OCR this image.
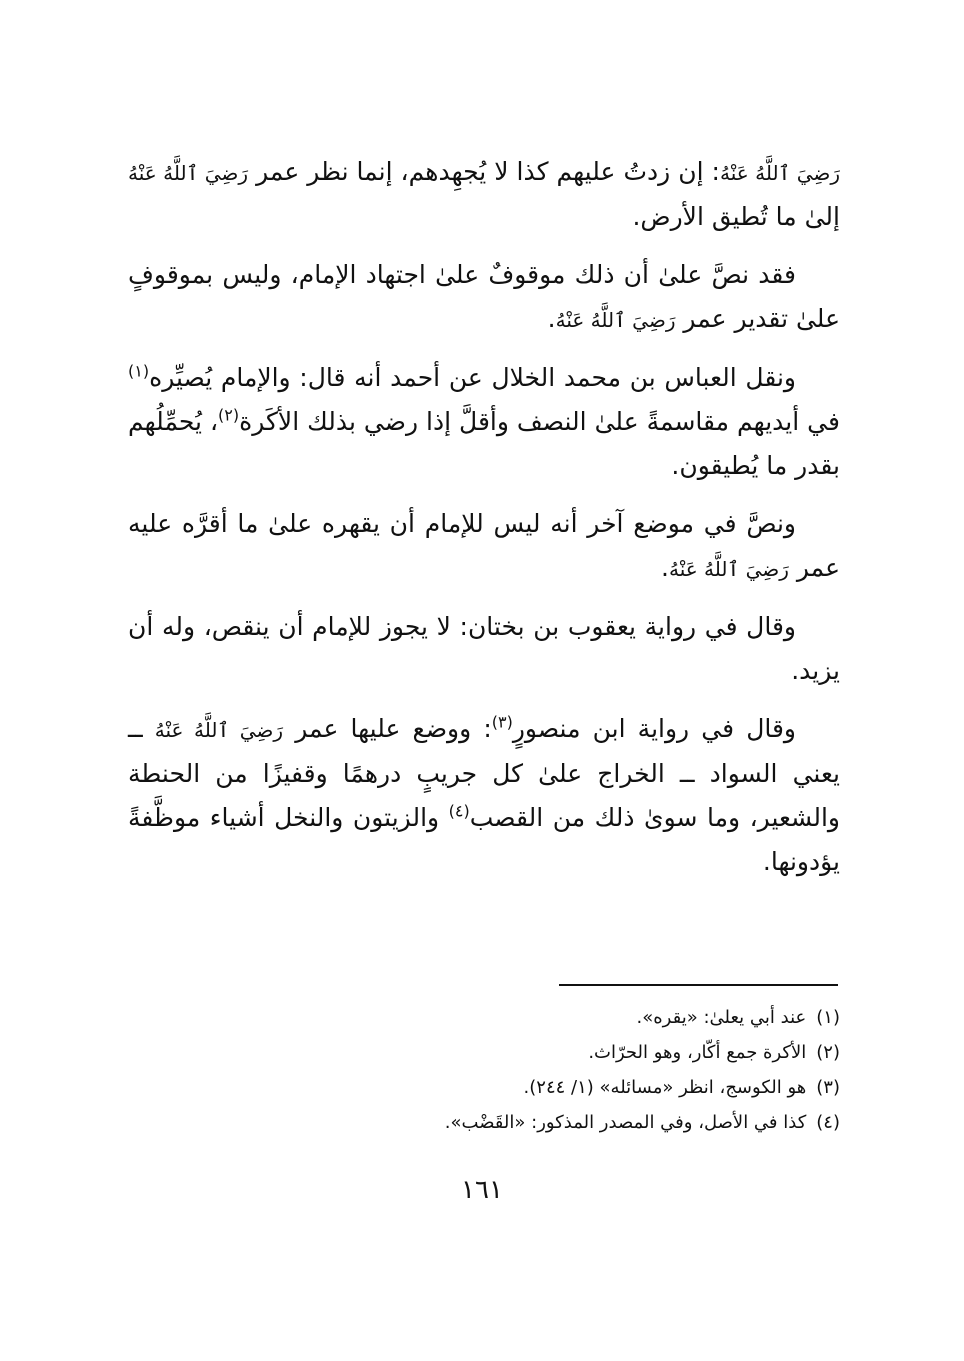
رَضِيَ ٱللَّهُ عَنْهُ: إن زدتُ عليهم كذا لا يُجهِدهم، إنما نظر عمر رَضِيَ ٱللَّهُ عَنْهُ إلىٰ ما تُطيق الأرض.

فقد نصَّ علىٰ أن ذلك موقوفٌ علىٰ اجتهاد الإمام، وليس بموقوفٍ علىٰ تقدير عمر رَضِيَ ٱللَّهُ عَنْهُ.

ونقل العباس بن محمد الخلال عن أحمد أنه قال: والإمام يُصيِّره$^{(١)}$ في أيديهم مقاسمةً علىٰ النصف وأقلَّ إذا رضي بذلك الأكَرة$^{(٢)}$، يُحمِّلُهم بقدر ما يُطيقون.

ونصَّ في موضع آخر أنه ليس للإمام أن يقهره علىٰ ما أقرَّه عليه عمر رَضِيَ ٱللَّهُ عَنْهُ.

وقال في رواية يعقوب بن بختان: لا يجوز للإمام أن ينقص، وله أن يزيد.

وقال في رواية ابن منصورٍ$^{(٣)}$: ووضع عليها عمر رَضِيَ ٱللَّهُ عَنْهُ ــ يعني السواد ــ الخراج علىٰ كل جريبٍ درهمًا وقفيزًا من الحنطة والشعير، وما سوىٰ ذلك من القصب$^{(٤)}$ والزيتون والنخل أشياء موظَّفةً يؤدونها.

(١)عند أبي يعلىٰ: «يقره».

(٢)الأكرة جمع أكّار، وهو الحرّاث.

(٣)هو الكوسج، انظر «مسائله» (١/ ٢٤٤).

(٤)كذا في الأصل، وفي المصدر المذكور: «القَضْب».

١٦١
